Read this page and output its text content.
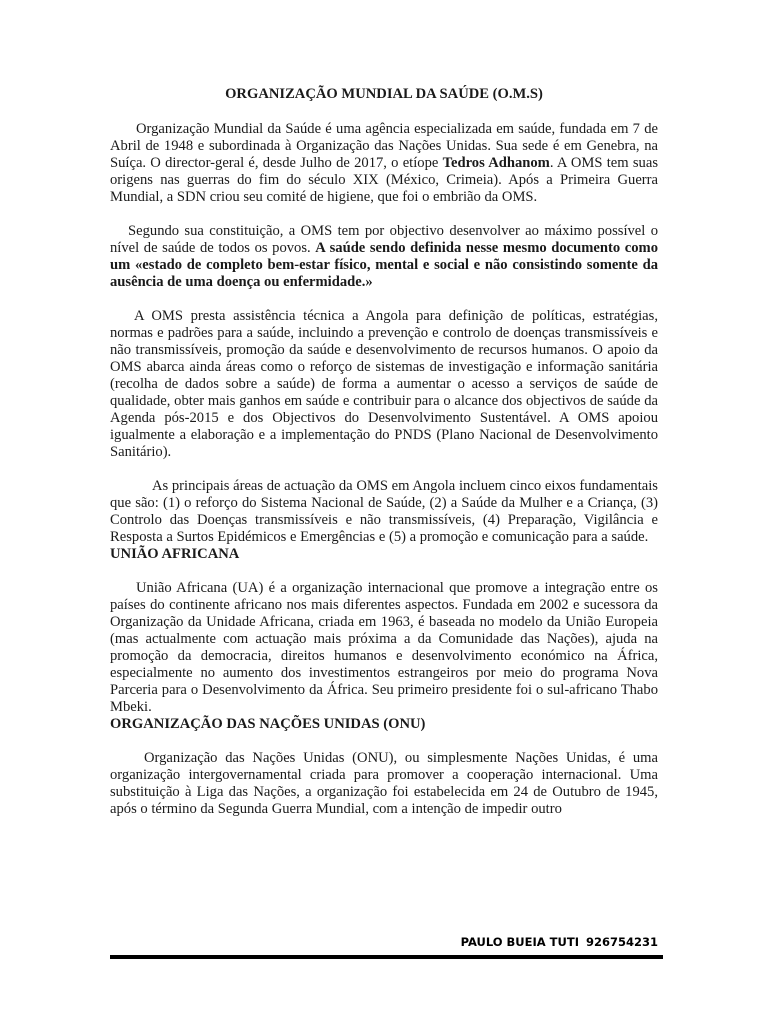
ORGANIZAÇÃO MUNDIAL DA SAÚDE (O.M.S)

Organização Mundial da Saúde é uma agência especializada em saúde, fundada em 7 de Abril de 1948 e subordinada à Organização das Nações Unidas. Sua sede é em Genebra, na Suíça. O director-geral é, desde Julho de 2017, o etíope Tedros Adhanom. A OMS tem suas origens nas guerras do fim do século XIX (México, Crimeia). Após a Primeira Guerra Mundial, a SDN criou seu comité de higiene, que foi o embrião da OMS.

Segundo sua constituição, a OMS tem por objectivo desenvolver ao máximo possível o nível de saúde de todos os povos. A saúde sendo definida nesse mesmo documento como um «estado de completo bem-estar físico, mental e social e não consistindo somente da ausência de uma doença ou enfermidade.»

A OMS presta assistência técnica a Angola para definição de políticas, estratégias, normas e padrões para a saúde, incluindo a prevenção e controlo de doenças transmissíveis e não transmissíveis, promoção da saúde e desenvolvimento de recursos humanos. O apoio da OMS abarca ainda áreas como o reforço de sistemas de investigação e informação sanitária (recolha de dados sobre a saúde) de forma a aumentar o acesso a serviços de saúde de qualidade, obter mais ganhos em saúde e contribuir para o alcance dos objectivos de saúde da Agenda pós-2015 e dos Objectivos do Desenvolvimento Sustentável. A OMS apoiou igualmente a elaboração e a implementação do PNDS (Plano Nacional de Desenvolvimento Sanitário).

As principais áreas de actuação da OMS em Angola incluem cinco eixos fundamentais que são: (1) o reforço do Sistema Nacional de Saúde, (2) a Saúde da Mulher e a Criança, (3) Controlo das Doenças transmissíveis e não transmissíveis, (4) Preparação, Vigilância e Resposta a Surtos Epidémicos e Emergências e (5) a promoção e comunicação para a saúde.

UNIÃO AFRICANA

União Africana (UA) é a organização internacional que promove a integração entre os países do continente africano nos mais diferentes aspectos. Fundada em 2002 e sucessora da Organização da Unidade Africana, criada em 1963, é baseada no modelo da União Europeia (mas actualmente com actuação mais próxima a da Comunidade das Nações), ajuda na promoção da democracia, direitos humanos e desenvolvimento económico na África, especialmente no aumento dos investimentos estrangeiros por meio do programa Nova Parceria para o Desenvolvimento da África. Seu primeiro presidente foi o sul-africano Thabo Mbeki.

ORGANIZAÇÃO DAS NAÇÕES UNIDAS (ONU)

Organização das Nações Unidas (ONU), ou simplesmente Nações Unidas, é uma organização intergovernamental criada para promover a cooperação internacional. Uma substituição à Liga das Nações, a organização foi estabelecida em 24 de Outubro de 1945, após o término da Segunda Guerra Mundial, com a intenção de impedir outro

PAULO BUEIA TUTI 926754231
